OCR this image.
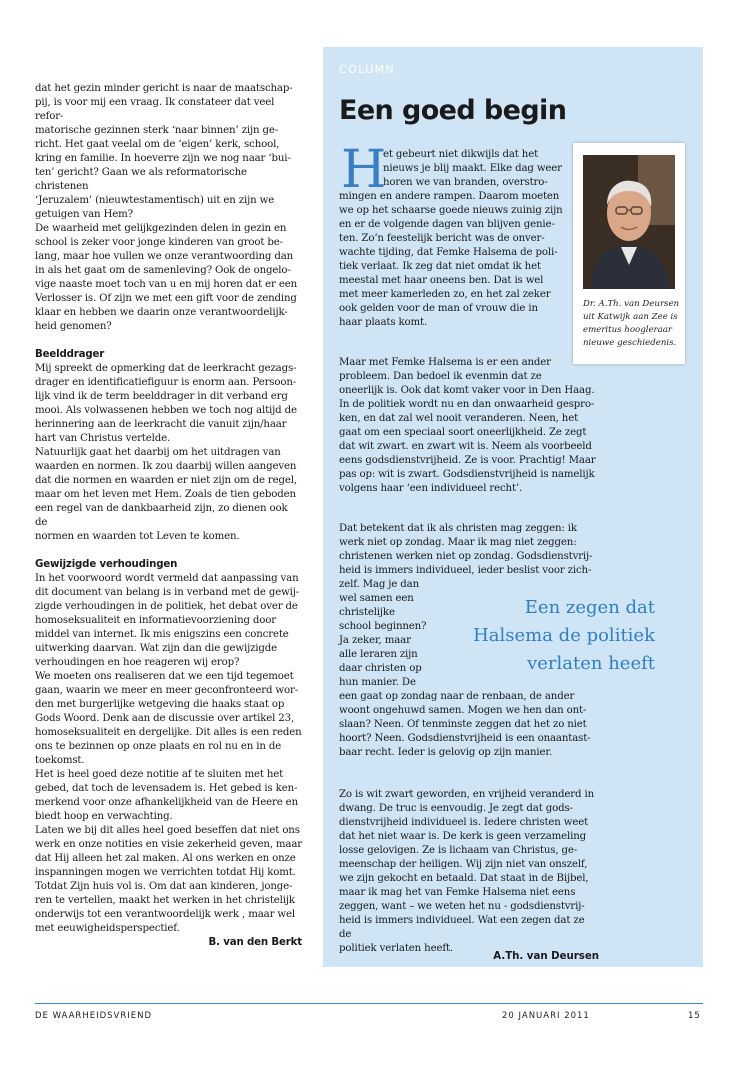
dat het gezin minder gericht is naar de maatschap-
pij, is voor mij een vraag. Ik constateer dat veel refor-
matorische gezinnen sterk ‘naar binnen’ zijn ge-
richt. Het gaat veelal om de ‘eigen’ kerk, school,
kring en familie. In hoeverre zijn we nog naar ‘bui-
ten’ gericht? Gaan we als reformatorische christenen
‘Jeruzalem’ (nieuwtestamentisch) uit en zijn we
getuigen van Hem?

De waarheid met gelijkgezinden delen in gezin en
school is zeker voor jonge kinderen van groot be-
lang, maar hoe vullen we onze verantwoording dan
in als het gaat om de samenleving? Ook de ongelo-
vige naaste moet toch van u en mij horen dat er een
Verlosser is. Of zijn we met een gift voor de zending
klaar en hebben we daarin onze verantwoordelijk-
heid genomen?

Beelddrager

Mij spreekt de opmerking dat de leerkracht gezags-
drager en identificatiefiguur is enorm aan. Persoon-
lijk vind ik de term beelddrager in dit verband erg
mooi. Als volwassenen hebben we toch nog altijd de
herinnering aan de leerkracht die vanuit zijn/haar
hart van Christus vertelde.

Natuurlijk gaat het daarbij om het uitdragen van
waarden en normen. Ik zou daarbij willen aangeven
dat die normen en waarden er niet zijn om de regel,
maar om het leven met Hem. Zoals de tien geboden
een regel van de dankbaarheid zijn, zo dienen ook de
normen en waarden tot Leven te komen.

Gewijzigde verhoudingen

In het voorwoord wordt vermeld dat aanpassing van
dit document van belang is in verband met de gewij-
zigde verhoudingen in de politiek, het debat over de
homoseksualiteit en informatievoorziening door
middel van internet. Ik mis enigszins een concrete
uitwerking daarvan. Wat zijn dan die gewijzigde
verhoudingen en hoe reageren wij erop?

We moeten ons realiseren dat we een tijd tegemoet
gaan, waarin we meer en meer geconfronteerd wor-
den met burgerlijke wetgeving die haaks staat op
Gods Woord. Denk aan de discussie over artikel 23,
homoseksualiteit en dergelijke. Dit alles is een reden
ons te bezinnen op onze plaats en rol nu en in de
toekomst.

Het is heel goed deze notitie af te sluiten met het
gebed, dat toch de levensadem is. Het gebed is ken-
merkend voor onze afhankelijkheid van de Heere en
biedt hoop en verwachting.

Laten we bij dit alles heel goed beseffen dat niet ons
werk en onze notities en visie zekerheid geven, maar
dat Hij alleen het zal maken. Al ons werken en onze
inspanningen mogen we verrichten totdat Hij komt.
Totdat Zijn huis vol is. Om dat aan kinderen, jonge-
ren te vertellen, maakt het werken in het christelijk
onderwijs tot een verantwoordelijk werk , maar wel
met eeuwigheidsperspectief.

B. van den Berkt
COLUMN
Een goed begin
Dr. A.Th. van Deursen
uit Katwijk aan Zee is
emeritus hoogleraar
nieuwe geschiedenis.
H

et gebeurt niet dikwijls dat het
nieuws je blij maakt. Elke dag weer
horen we van branden, overstro-

mingen en andere rampen. Daarom moeten
we op het schaarse goede nieuws zuinig zijn
en er de volgende dagen van blijven genie-
ten. Zo’n feestelijk bericht was de onver-
wachte tijding, dat Femke Halsema de poli-
tiek verlaat. Ik zeg dat niet omdat ik het
meestal met haar oneens ben. Dat is wel
met meer kamerleden zo, en het zal zeker
ook gelden voor de man of vrouw die in
haar plaats komt.

Maar met Femke Halsema is er een ander
probleem. Dan bedoel ik evenmin dat ze
oneerlijk is. Ook dat komt vaker voor in Den Haag.
In de politiek wordt nu en dan onwaarheid gespro-
ken, en dat zal wel nooit veranderen. Neen, het
gaat om een speciaal soort oneerlijkheid. Ze zegt
dat wit zwart. en zwart wit is. Neem als voorbeeld
eens godsdienstvrijheid. Ze is voor. Prachtig! Maar
pas op: wit is zwart. Godsdienstvrijheid is namelijk
volgens haar ‘een individueel recht’.

Dat betekent dat ik als christen mag zeggen: ik
werk niet op zondag. Maar ik mag niet zeggen:
christenen werken niet op zondag. Godsdienstvrij-
heid is immers individueel, ieder beslist voor zich-
zelf. Mag je dan
wel samen een
christelijke
school beginnen?
Ja zeker, maar
alle leraren zijn
daar christen op
hun manier. De

Een zegen dat
Halsema de politiek
verlaten heeft

een gaat op zondag naar de renbaan, de ander
woont ongehuwd samen. Mogen we hen dan ont-
slaan? Neen. Of tenminste zeggen dat het zo niet
hoort? Neen. Godsdienstvrijheid is een onaantast-
baar recht. Ieder is gelovig op zijn manier.

Zo is wit zwart geworden, en vrijheid veranderd in
dwang. De truc is eenvoudig. Je zegt dat gods-
dienstvrijheid individueel is. Iedere christen weet
dat het niet waar is. De kerk is geen verzameling
losse gelovigen. Ze is lichaam van Christus, ge-
meenschap der heiligen. Wij zijn niet van onszelf,
we zijn gekocht en betaald. Dat staat in de Bijbel,
maar ik mag het van Femke Halsema niet eens
zeggen, want – we weten het nu - godsdienstvrij-
heid is immers individueel. Wat een zegen dat ze de
politiek verlaten heeft.

A.Th. van Deursen
DE WAARHEIDSVRIEND	20 JANUARI 2011	15
